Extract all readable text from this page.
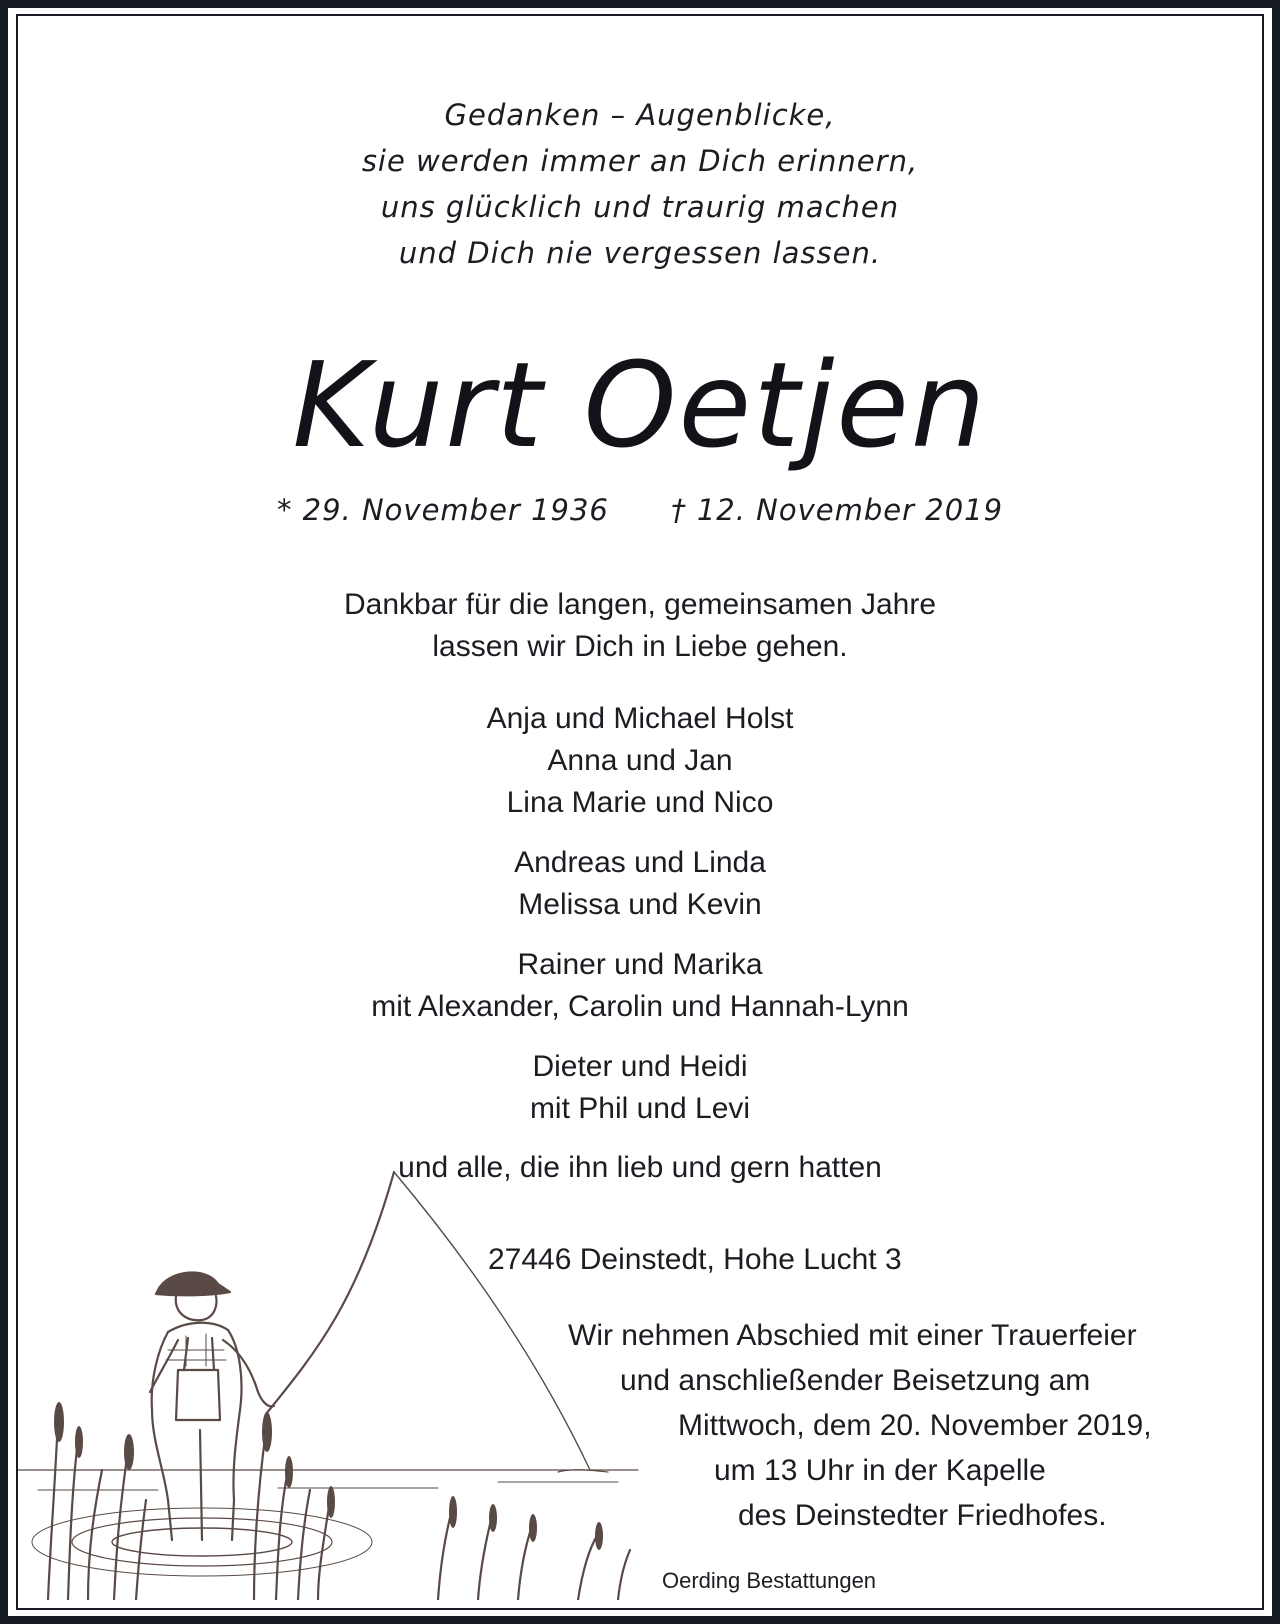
Gedanken – Augenblicke,
sie werden immer an Dich erinnern,
uns glücklich und traurig machen
und Dich nie vergessen lassen.
Kurt Oetjen
* 29. November 1936 † 12. November 2019
Dankbar für die langen, gemeinsamen Jahre
lassen wir Dich in Liebe gehen.
Anja und Michael Holst
Anna und Jan
Lina Marie und Nico
Andreas und Linda
Melissa und Kevin
Rainer und Marika
mit Alexander, Carolin und Hannah-Lynn
Dieter und Heidi
mit Phil und Levi
und alle, die ihn lieb und gern hatten
27446 Deinstedt, Hohe Lucht 3
Wir nehmen Abschied mit einer Trauerfeier
und anschließender Beisetzung am
Mittwoch, dem 20. November 2019,
um 13 Uhr in der Kapelle
des Deinstedter Friedhofes.
Oerding Bestattungen
